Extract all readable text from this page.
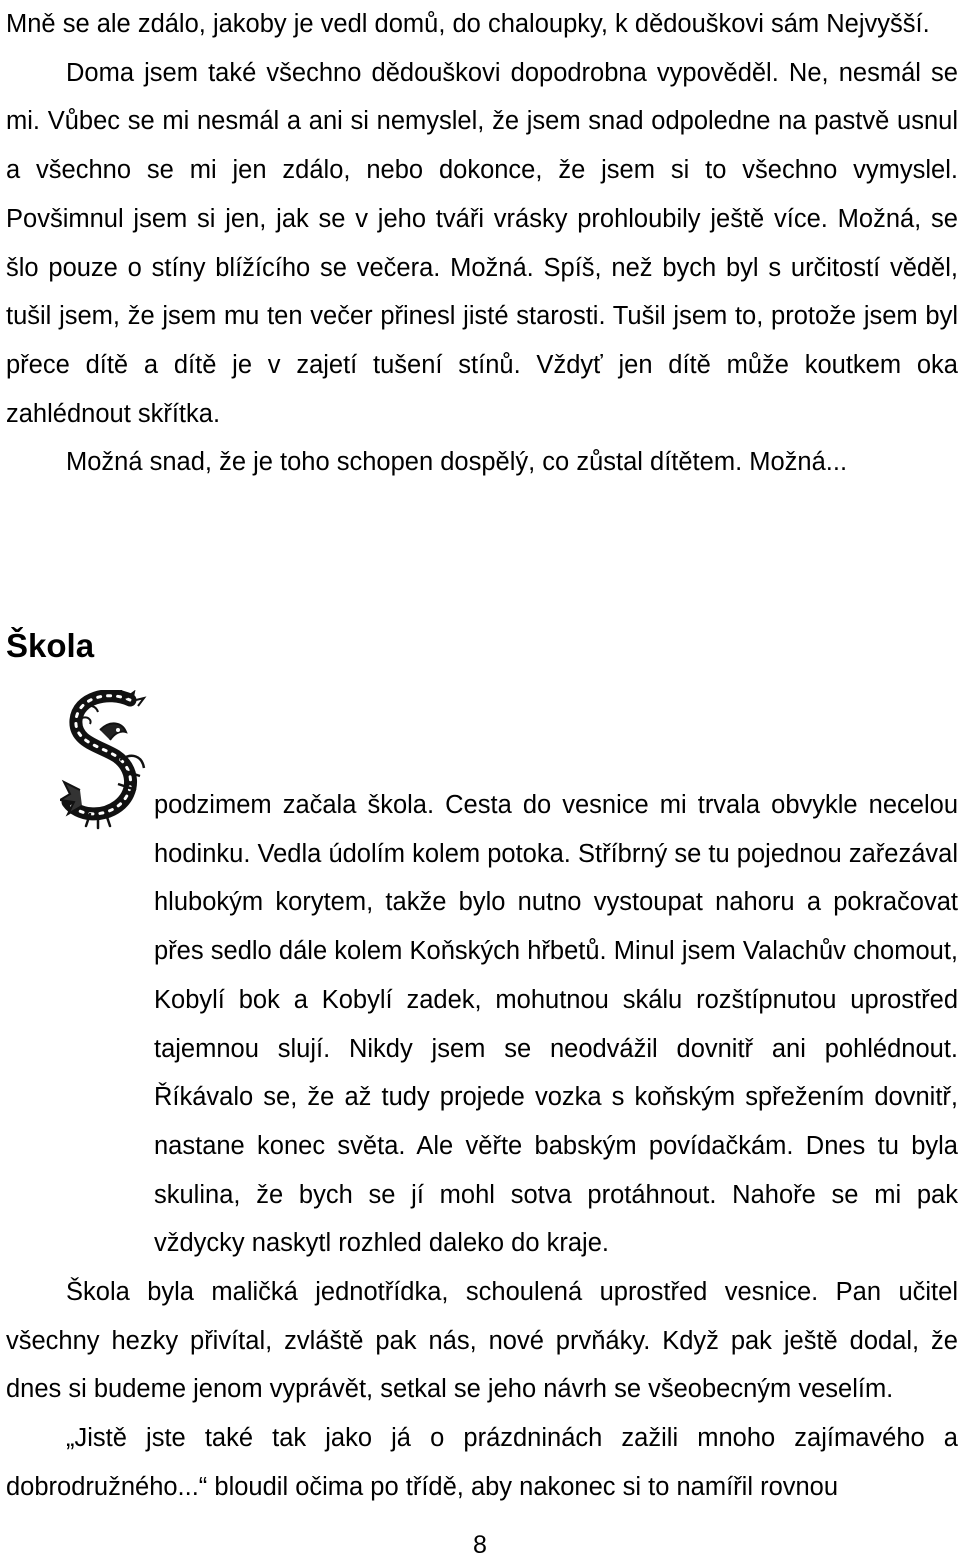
Mně se ale zdálo, jakoby je vedl domů, do chaloupky, k dědouškovi sám Nejvyšší.

Doma jsem také všechno dědouškovi dopodrobna vypověděl. Ne, nesmál se mi. Vůbec se mi nesmál a ani si nemyslel, že jsem snad odpoledne na pastvě usnul a všechno se mi jen zdálo, nebo dokonce, že jsem si to všechno vymyslel. Povšimnul jsem si jen, jak se v jeho tváři vrásky prohloubily ještě více. Možná, se šlo pouze o stíny blížícího se večera. Možná. Spíš, než bych byl s určitostí věděl, tušil jsem, že jsem mu ten večer přinesl jisté starosti. Tušil jsem to, protože jsem byl přece dítě a dítě je v zajetí tušení stínů. Vždyť jen dítě může koutkem oka zahlédnout skřítka.

Možná snad, že je toho schopen dospělý, co zůstal dítětem. Možná...

Škola

podzimem začala škola. Cesta do vesnice mi trvala obvykle necelou hodinku. Vedla údolím kolem potoka. Stříbrný se tu pojednou zařezával hlubokým korytem, takže bylo nutno vystoupat nahoru a pokračovat přes sedlo dále kolem Koňských hřbetů. Minul jsem Valachův chomout, Kobylí bok a Kobylí zadek, mohutnou skálu rozštípnutou uprostřed tajemnou slují. Nikdy jsem se neodvážil dovnitř ani pohlédnout. Říkávalo se, že až tudy projede vozka s koňským spřežením dovnitř, nastane konec světa. Ale věřte babským povídačkám. Dnes tu byla skulina, že bych se jí mohl sotva protáhnout. Nahoře se mi pak vždycky naskytl rozhled daleko do kraje.

Škola byla maličká jednotřídka, schoulená uprostřed vesnice. Pan učitel všechny hezky přivítal, zvláště pak nás, nové prvňáky. Když pak ještě dodal, že dnes si budeme jenom vyprávět, setkal se jeho návrh se všeobecným veselím.

„Jistě jste také tak jako já o prázdninách zažili mnoho zajímavého a dobrodružného...“ bloudil očima po třídě, aby nakonec si to namířil rovnou

8
